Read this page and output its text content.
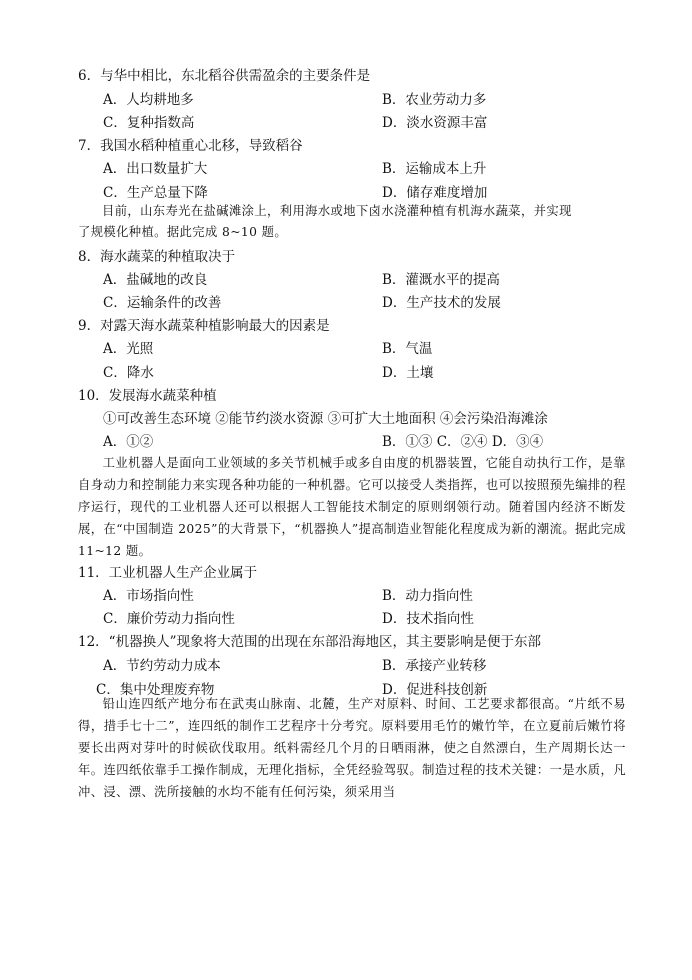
6．与华中相比，东北稻谷供需盈余的主要条件是
A．人均耕地多	B．农业劳动力多
C．复种指数高	D．淡水资源丰富
7．我国水稻种植重心北移，导致稻谷
A．出口数量扩大	B．运输成本上升
C．生产总量下降	D．储存难度增加
目前，山东寿光在盐碱滩涂上，利用海水或地下卤水浇灌种植有机海水蔬菜，并实现
了规模化种植。据此完成 8~10 题。
8．海水蔬菜的种植取决于
A．盐碱地的改良	B．灌溉水平的提高
C．运输条件的改善	D．生产技术的发展
9．对露天海水蔬菜种植影响最大的因素是
A．光照	B．气温
C．降水	D．土壤
10．发展海水蔬菜种植
①可改善生态环境 ②能节约淡水资源 ③可扩大土地面积 ④会污染沿海滩涂
A．①②	B．①③ C．②④ D．③④
工业机器人是面向工业领域的多关节机械手或多自由度的机器装置，它能自动执行工作，是靠自身动力和控制能力来实现各种功能的一种机器。它可以接受人类指挥，也可以按照预先编排的程序运行，现代的工业机器人还可以根据人工智能技术制定的原则纲领行动。随着国内经济不断发展，在“中国制造 2025”的大背景下，“机器换人”提高制造业智能化程度成为新的潮流。据此完成 11~12 题。
11．工业机器人生产企业属于
A．市场指向性	B．动力指向性
C．廉价劳动力指向性	D．技术指向性
12．“机器换人”现象将大范围的出现在东部沿海地区，其主要影响是便于东部
A．节约劳动力成本	B．承接产业转移
C．集中处理废弃物	D．促进科技创新
铅山连四纸产地分布在武夷山脉南、北麓，生产对原料、时间、工艺要求都很高。“片纸不易得，措手七十二”，连四纸的制作工艺程序十分考究。原料要用毛竹的嫩竹竿，在立夏前后嫩竹将要长出两对芽叶的时候砍伐取用。纸料需经几个月的日晒雨淋，使之自然漂白，生产周期长达一年。连四纸依靠手工操作制成，无理化指标，全凭经验驾驭。制造过程的技术关键：一是水质，凡冲、浸、漂、洗所接触的水均不能有任何污染，须采用当
